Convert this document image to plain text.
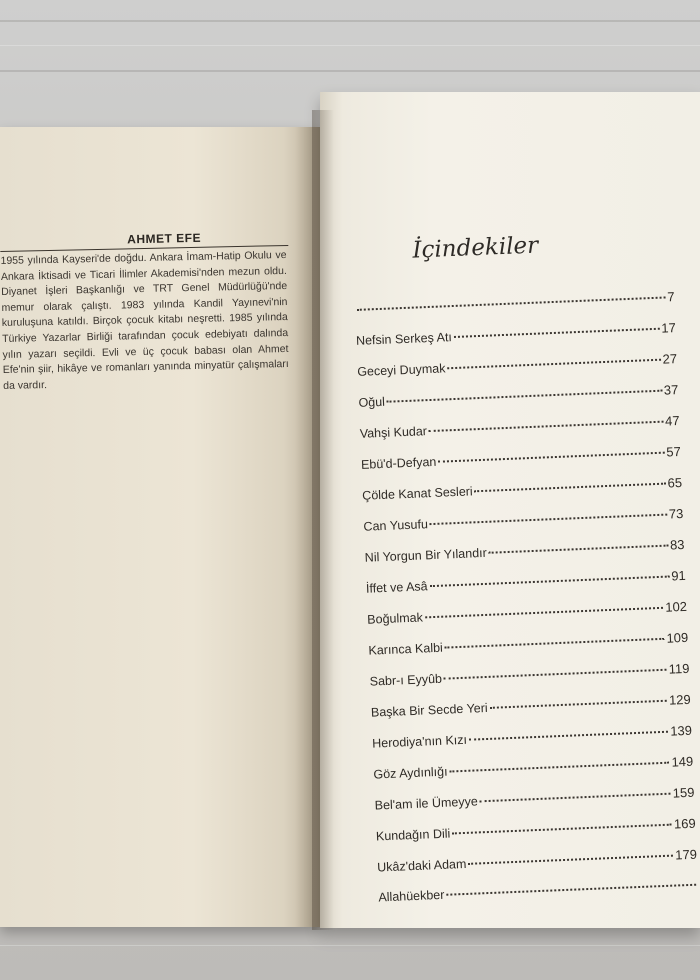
AHMET EFE

1955 yılında Kayseri'de doğdu. Ankara İmam-Hatip Okulu ve Ankara İktisadi ve Ticari İlimler Akademisi'nden mezun oldu. Diyanet İşleri Başkanlığı ve TRT Genel Müdürlüğü'nde memur olarak çalıştı. 1983 yılında Kandil Yayınevi'nin kuruluşuna katıldı. Birçok çocuk kitabı neşretti. 1985 yılında Türkiye Yazarlar Birliği tarafından çocuk edebiyatı dalında yılın yazarı seçildi. Evli ve üç çocuk babası olan Ahmet Efe'nin şiir, hikâye ve romanları yanında minyatür çalışmaları da vardır.

İçindekiler
7
Nefsin Serkeş Atı
17
Geceyi Duymak
27
Oğul
37
Vahşi Kudar
47
Ebü'd-Defyan
57
Çölde Kanat Sesleri
65
Can Yusufu
73
Nil Yorgun Bir Yılandır
83
İffet ve Asâ
91
Boğulmak
102
Karınca Kalbi
109
Sabr-ı Eyyûb
119
Başka Bir Secde Yeri
129
Herodiya'nın Kızı
139
Göz Aydınlığı
149
Bel'am ile Ümeyye
159
Kundağın Dili
169
Ukâz'daki Adam
179
Allahüekber
